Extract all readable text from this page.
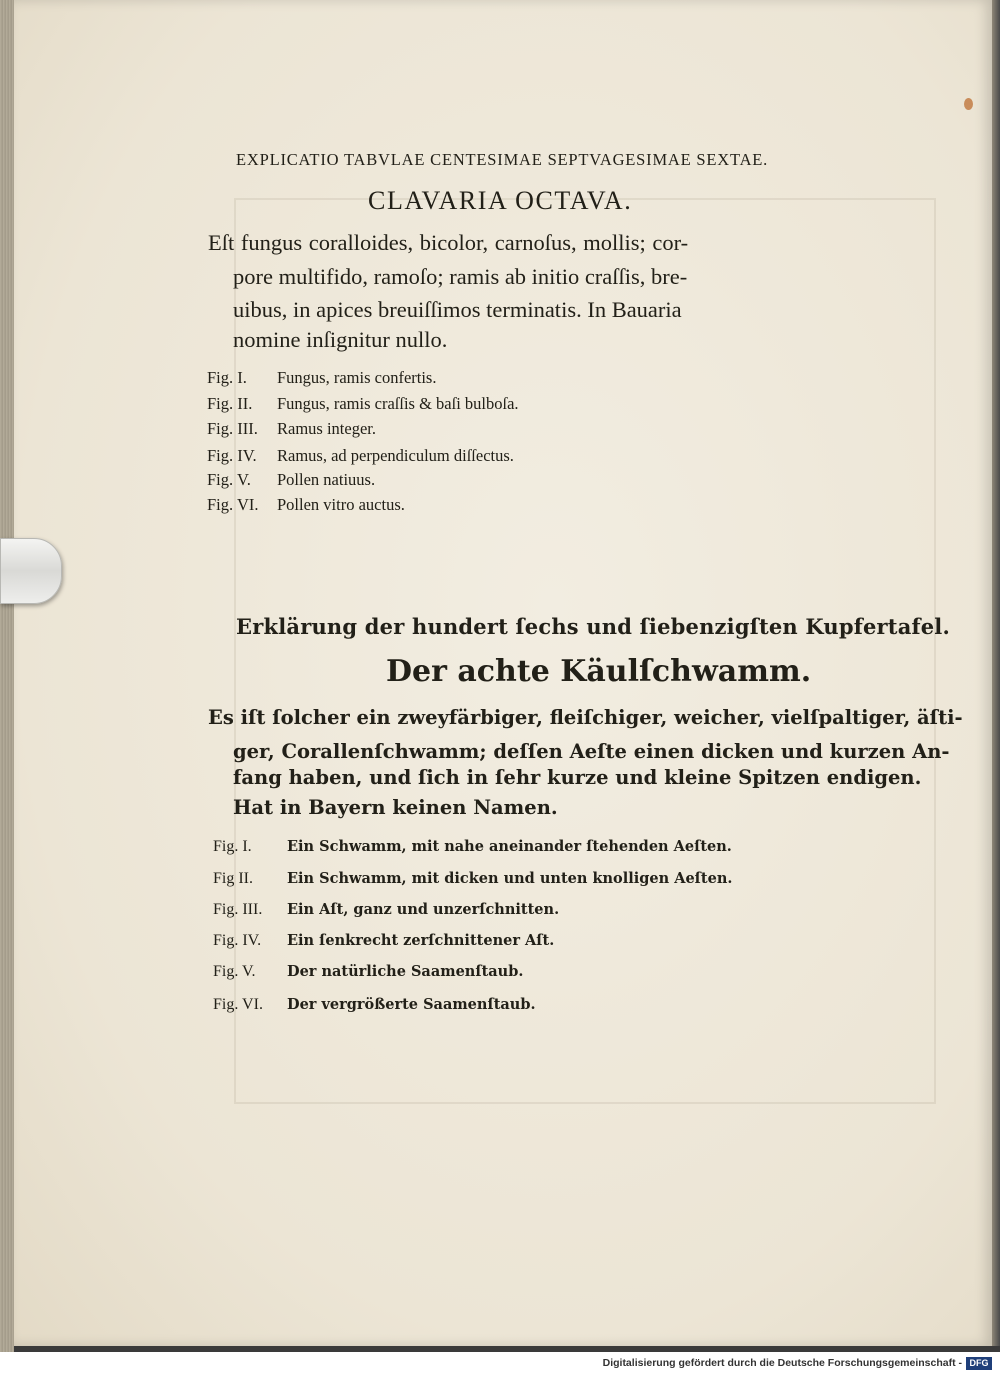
EXPLICATIO TABVLAE CENTESIMAE SEPTVAGESIMAE SEXTAE.
CLAVARIA OCTAVA.
Eſt fungus coralloides, bicolor, carnoſus, mollis; cor-
pore multifido, ramoſo; ramis ab initio craſſis, bre-
uibus, in apices breuiſſimos terminatis. In Bauaria
nomine inſignitur nullo.
Fig. I. Fungus, ramis confertis.
Fig. II. Fungus, ramis craſſis & baſi bulboſa.
Fig. III. Ramus integer.
Fig. IV. Ramus, ad perpendiculum diſſectus.
Fig. V. Pollen natiuus.
Fig. VI. Pollen vitro auctus.
Erklärung der hundert ſechs und ſiebenzigſten Kupfertafel.
Der achte Käulſchwamm.
Es iſt ſolcher ein zweyfärbiger, fleiſchiger, weicher, vielſpaltiger, äſti-
ger, Corallenſchwamm; deſſen Aeſte einen dicken und kurzen An-
fang haben, und ſich in ſehr kurze und kleine Spitzen endigen.
Hat in Bayern keinen Namen.
Fig. I. Ein Schwamm, mit nahe aneinander ſtehenden Aeſten.
Fig II. Ein Schwamm, mit dicken und unten knolligen Aeſten.
Fig. III. Ein Aſt, ganz und unzerſchnitten.
Fig. IV. Ein ſenkrecht zerſchnittener Aſt.
Fig. V. Der natürliche Saamenſtaub.
Fig. VI. Der vergrößerte Saamenſtaub.
Digitalisierung gefördert durch die Deutsche Forschungsgemeinschaft - DFG
